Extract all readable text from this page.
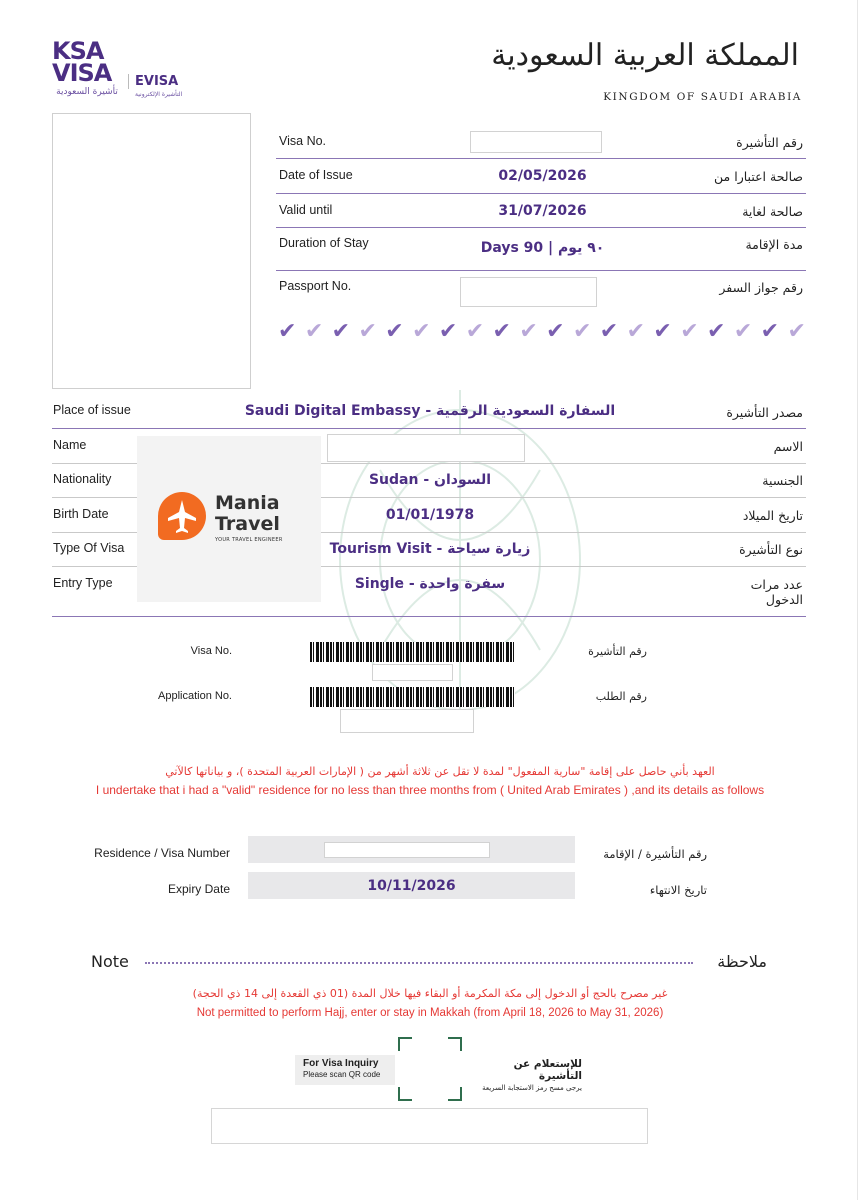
KSA
VISA
تأشيرة السعودية
EVISA
التأشيرة الإلكترونية
المملكة العربية السعودية
KINGDOM OF SAUDI ARABIA
Visa No.	رقم التأشيرة
Date of Issue	02/05/2026	صالحة اعتبارا من
Valid until	31/07/2026	صالحة لغاية
Duration of Stay	Days 90 | ٩٠ يوم	مدة الإقامة
Passport No.	رقم جواز السفر
✔ ✔ ✔ ✔ ✔ ✔ ✔ ✔ ✔ ✔ ✔ ✔ ✔ ✔ ✔ ✔ ✔ ✔ ✔ ✔
Place of issue	Saudi Digital Embassy - السفارة السعودية الرقمية	مصدر التأشيرة
Name	الاسم
Nationality	Sudan - السودان	الجنسية
Birth Date	01/01/1978	تاريخ الميلاد
Type Of Visa	Tourism Visit - زيارة سياحة	نوع التأشيرة
Entry Type	Single - سفرة واحدة	عدد مرات الدخول
Mania
Travel
YOUR TRAVEL ENGINEER
Visa No.	رقم التأشيرة
Application No.	رقم الطلب
العهد بأني حاصل على إقامة "سارية المفعول" لمدة لا تقل عن ثلاثة أشهر من ( الإمارات العربية المتحدة )، و بياناتها كالآتي
I undertake that i had a "valid" residence for no less than three months from ( United Arab Emirates ) ,and its details as follows
Residence / Visa Number	رقم التأشيرة / الإقامة
Expiry Date	10/11/2026	تاريخ الانتهاء
Note	ملاحظة
غير مصرح بالحج أو الدخول إلى مكة المكرمة أو البقاء فيها خلال المدة (01 ذي القعدة إلى 14 ذي الحجة)
Not permitted to perform Hajj, enter or stay in Makkah (from April 18, 2026 to May 31, 2026)
For Visa Inquiry
Please scan QR code
للإستعلام عن التأشيرة
يرجى مسح رمز الاستجابة السريعة
